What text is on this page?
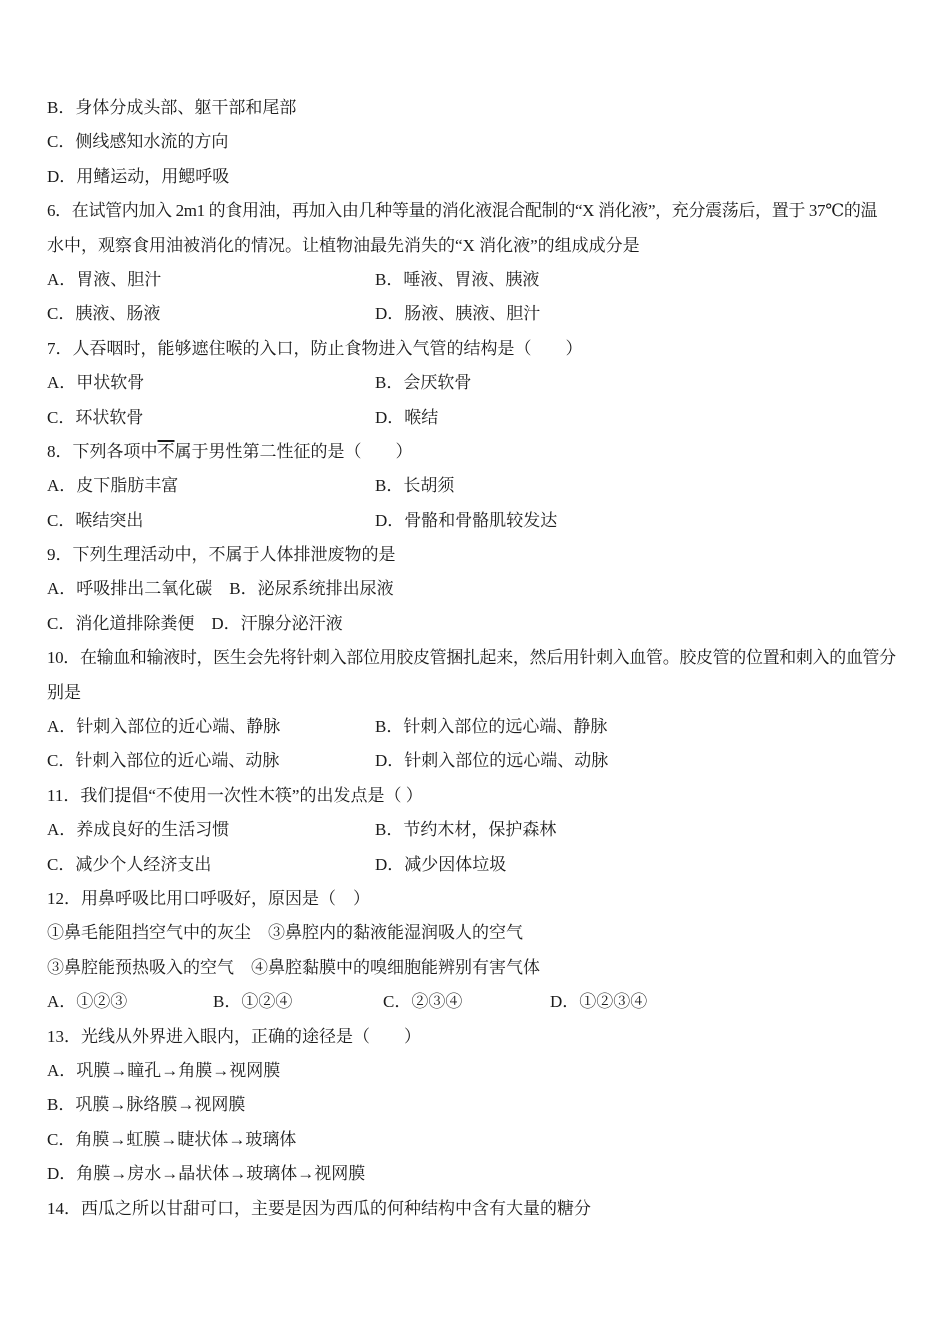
B．身体分成头部、躯干部和尾部
C．侧线感知水流的方向
D．用鳍运动，用鳃呼吸
6．在试管内加入 2m1 的食用油，再加入由几种等量的消化液混合配制的“X 消化液”，充分震荡后，置于 37℃的温
水中，观察食用油被消化的情况。让植物油最先消失的“X 消化液”的组成成分是
A．胃液、胆汁	B．唾液、胃液、胰液
C．胰液、肠液	D．肠液、胰液、胆汁
7．人吞咽时，能够遮住喉的入口，防止食物进入气管的结构是（　　）
A．甲状软骨	B．会厌软骨
C．环状软骨	D．喉结
8．下列各项中不属于男性第二性征的是（　　）
A．皮下脂肪丰富	B．长胡须
C．喉结突出	D．骨骼和骨骼肌较发达
9．下列生理活动中，不属于人体排泄废物的是
A．呼吸排出二氧化碳　B．泌尿系统排出尿液
C．消化道排除粪便　D．汗腺分泌汗液
10．在输血和输液时，医生会先将针刺入部位用胶皮管捆扎起来，然后用针刺入血管。胶皮管的位置和刺入的血管分
别是
A．针刺入部位的近心端、静脉	B．针刺入部位的远心端、静脉
C．针刺入部位的近心端、动脉	D．针刺入部位的远心端、动脉
11．我们提倡“不使用一次性木筷”的出发点是（ ）
A．养成良好的生活习惯	B．节约木材，保护森林
C．减少个人经济支出	D．减少因体垃圾
12．用鼻呼吸比用口呼吸好，原因是（　）
①鼻毛能阻挡空气中的灰尘　③鼻腔内的黏液能湿润吸人的空气
③鼻腔能预热吸入的空气　④鼻腔黏膜中的嗅细胞能辨别有害气体
A．①②③	B．①②④	C．②③④	D．①②③④
13．光线从外界进入眼内，正确的途径是（　　）
A．巩膜→瞳孔→角膜→视网膜
B．巩膜→脉络膜→视网膜
C．角膜→虹膜→睫状体→玻璃体
D．角膜→房水→晶状体→玻璃体→视网膜
14．西瓜之所以甘甜可口，主要是因为西瓜的何种结构中含有大量的糖分
